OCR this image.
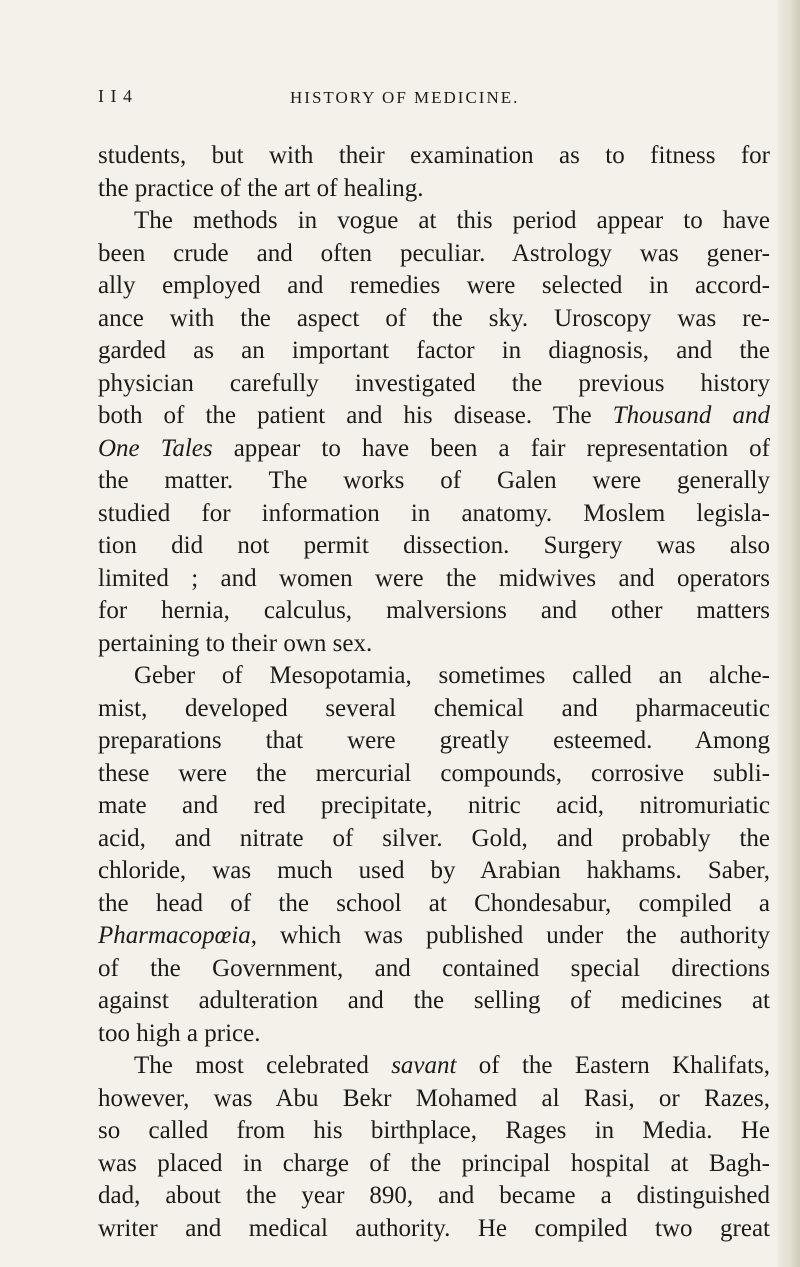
I I 4	HISTORY OF MEDICINE.
students, but with their examination as to fitness for
the practice of the art of healing.
The methods in vogue at this period appear to have
been crude and often peculiar. Astrology was gener-
ally employed and remedies were selected in accord-
ance with the aspect of the sky. Uroscopy was re-
garded as an important factor in diagnosis, and the
physician carefully investigated the previous history
both of the patient and his disease. The Thousand and
One Tales appear to have been a fair representation of
the matter. The works of Galen were generally
studied for information in anatomy. Moslem legisla-
tion did not permit dissection. Surgery was also
limited ; and women were the midwives and operators
for hernia, calculus, malversions and other matters
pertaining to their own sex.
Geber of Mesopotamia, sometimes called an alche-
mist, developed several chemical and pharmaceutic
preparations that were greatly esteemed. Among
these were the mercurial compounds, corrosive subli-
mate and red precipitate, nitric acid, nitromuriatic
acid, and nitrate of silver. Gold, and probably the
chloride, was much used by Arabian hakhams. Saber,
the head of the school at Chondesabur, compiled a
Pharmacopœia, which was published under the authority
of the Government, and contained special directions
against adulteration and the selling of medicines at
too high a price.
The most celebrated savant of the Eastern Khalifats,
however, was Abu Bekr Mohamed al Rasi, or Razes,
so called from his birthplace, Rages in Media. He
was placed in charge of the principal hospital at Bagh-
dad, about the year 890, and became a distinguished
writer and medical authority. He compiled two great
